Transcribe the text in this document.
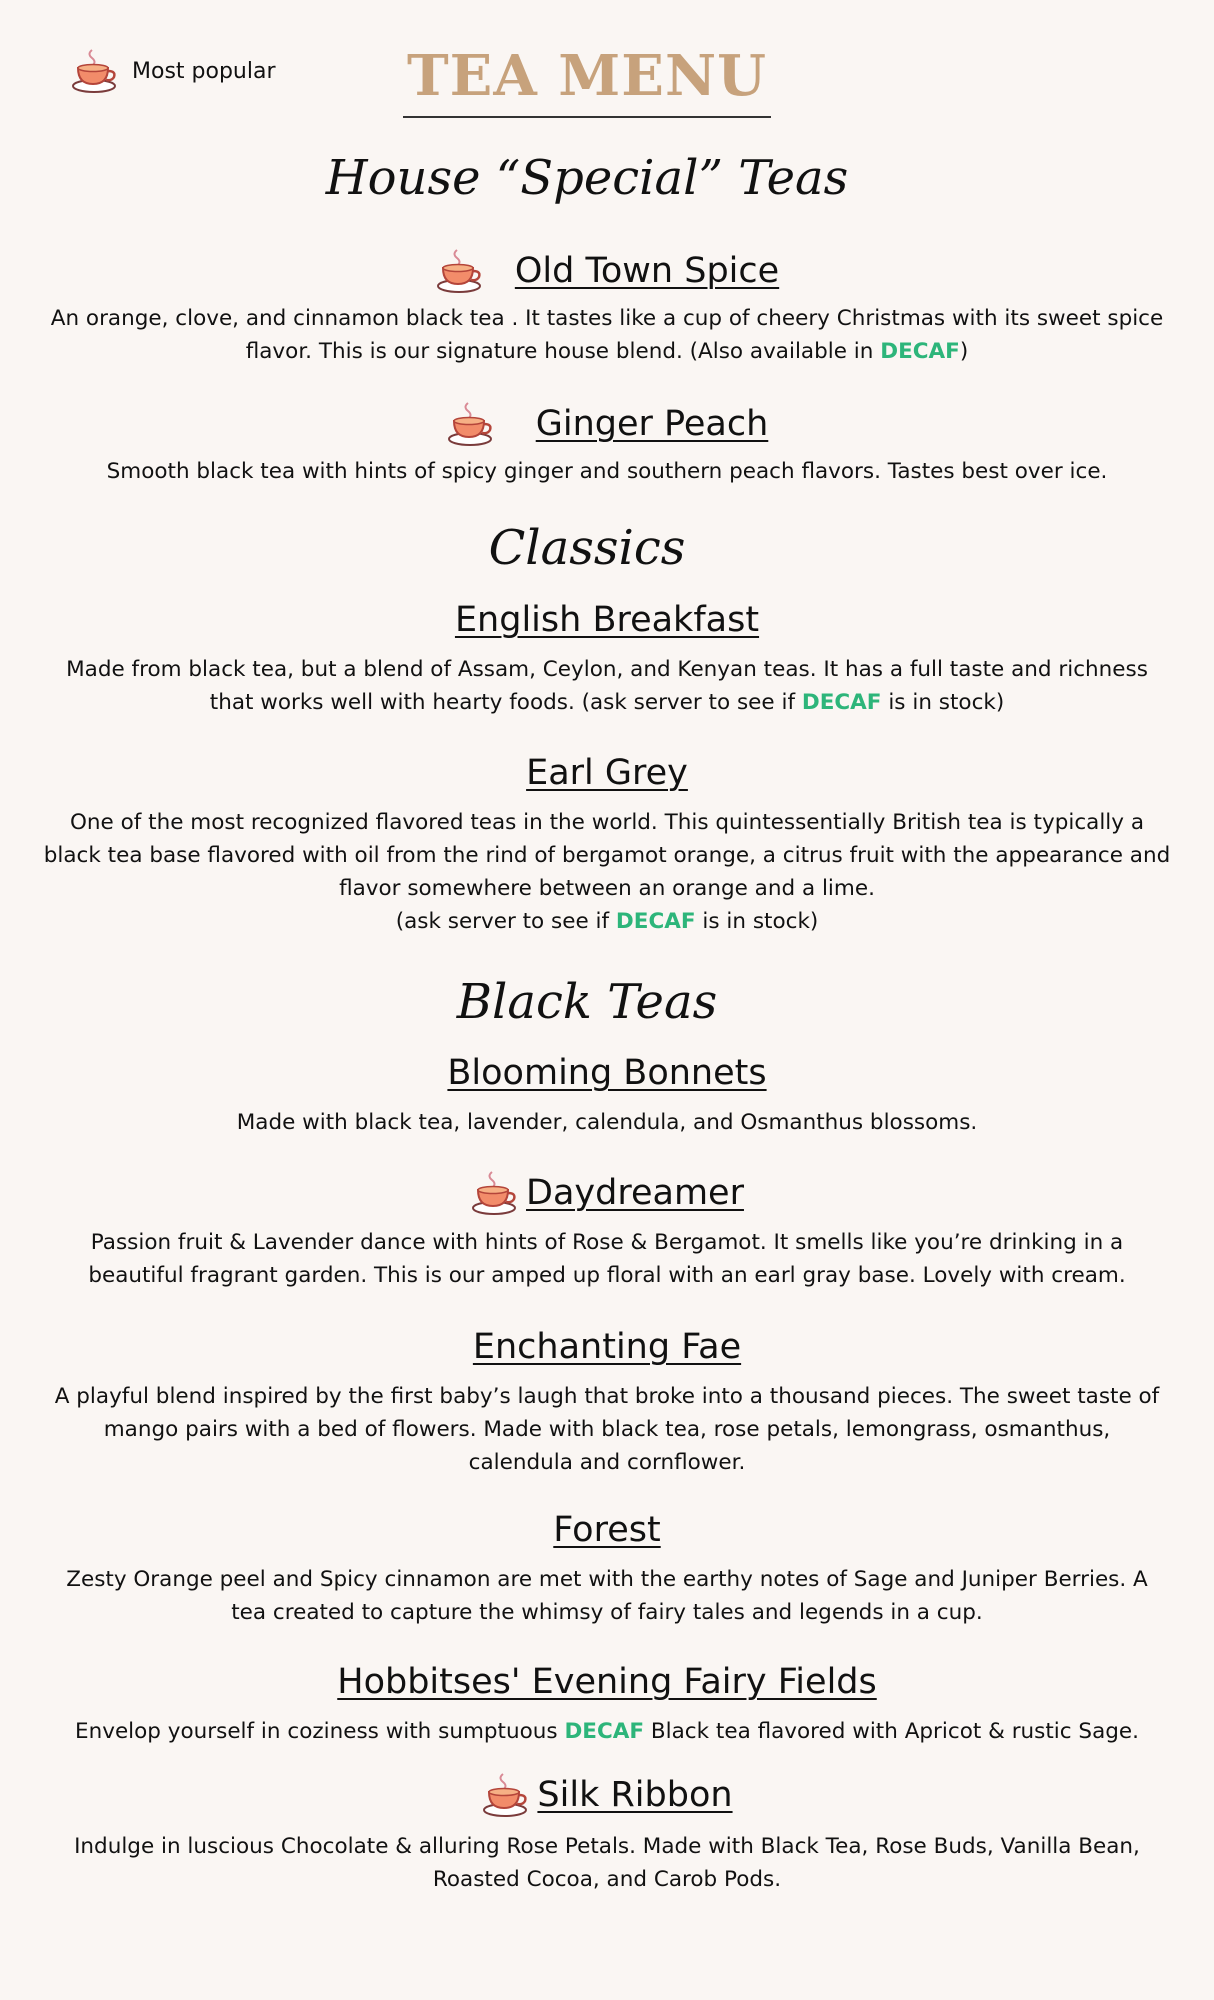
Most popular	TEA MENU
House “Special” Teas
Old Town Spice
An orange, clove, and cinnamon black tea . It tastes like a cup of cheery Christmas with its sweet spice flavor. This is our signature house blend. (Also available in DECAF)
Ginger Peach
Smooth black tea with hints of spicy ginger and southern peach flavors. Tastes best over ice.
Classics
English Breakfast
Made from black tea, but a blend of Assam, Ceylon, and Kenyan teas. It has a full taste and richness that works well with hearty foods. (ask server to see if DECAF is in stock)
Earl Grey
One of the most recognized flavored teas in the world. This quintessentially British tea is typically a black tea base flavored with oil from the rind of bergamot orange, a citrus fruit with the appearance and flavor somewhere between an orange and a lime.
(ask server to see if DECAF is in stock)
Black Teas
Blooming Bonnets
Made with black tea, lavender, calendula, and Osmanthus blossoms.
Daydreamer
Passion fruit & Lavender dance with hints of Rose & Bergamot. It smells like you’re drinking in a beautiful fragrant garden. This is our amped up floral with an earl gray base. Lovely with cream.
Enchanting Fae
A playful blend inspired by the first baby’s laugh that broke into a thousand pieces. The sweet taste of mango pairs with a bed of flowers. Made with black tea, rose petals, lemongrass, osmanthus, calendula and cornflower.
Forest
Zesty Orange peel and Spicy cinnamon are met with the earthy notes of Sage and Juniper Berries. A tea created to capture the whimsy of fairy tales and legends in a cup.
Hobbitses' Evening Fairy Fields
Envelop yourself in coziness with sumptuous DECAF Black tea flavored with Apricot & rustic Sage.
Silk Ribbon
Indulge in luscious Chocolate & alluring Rose Petals. Made with Black Tea, Rose Buds, Vanilla Bean, Roasted Cocoa, and Carob Pods.
